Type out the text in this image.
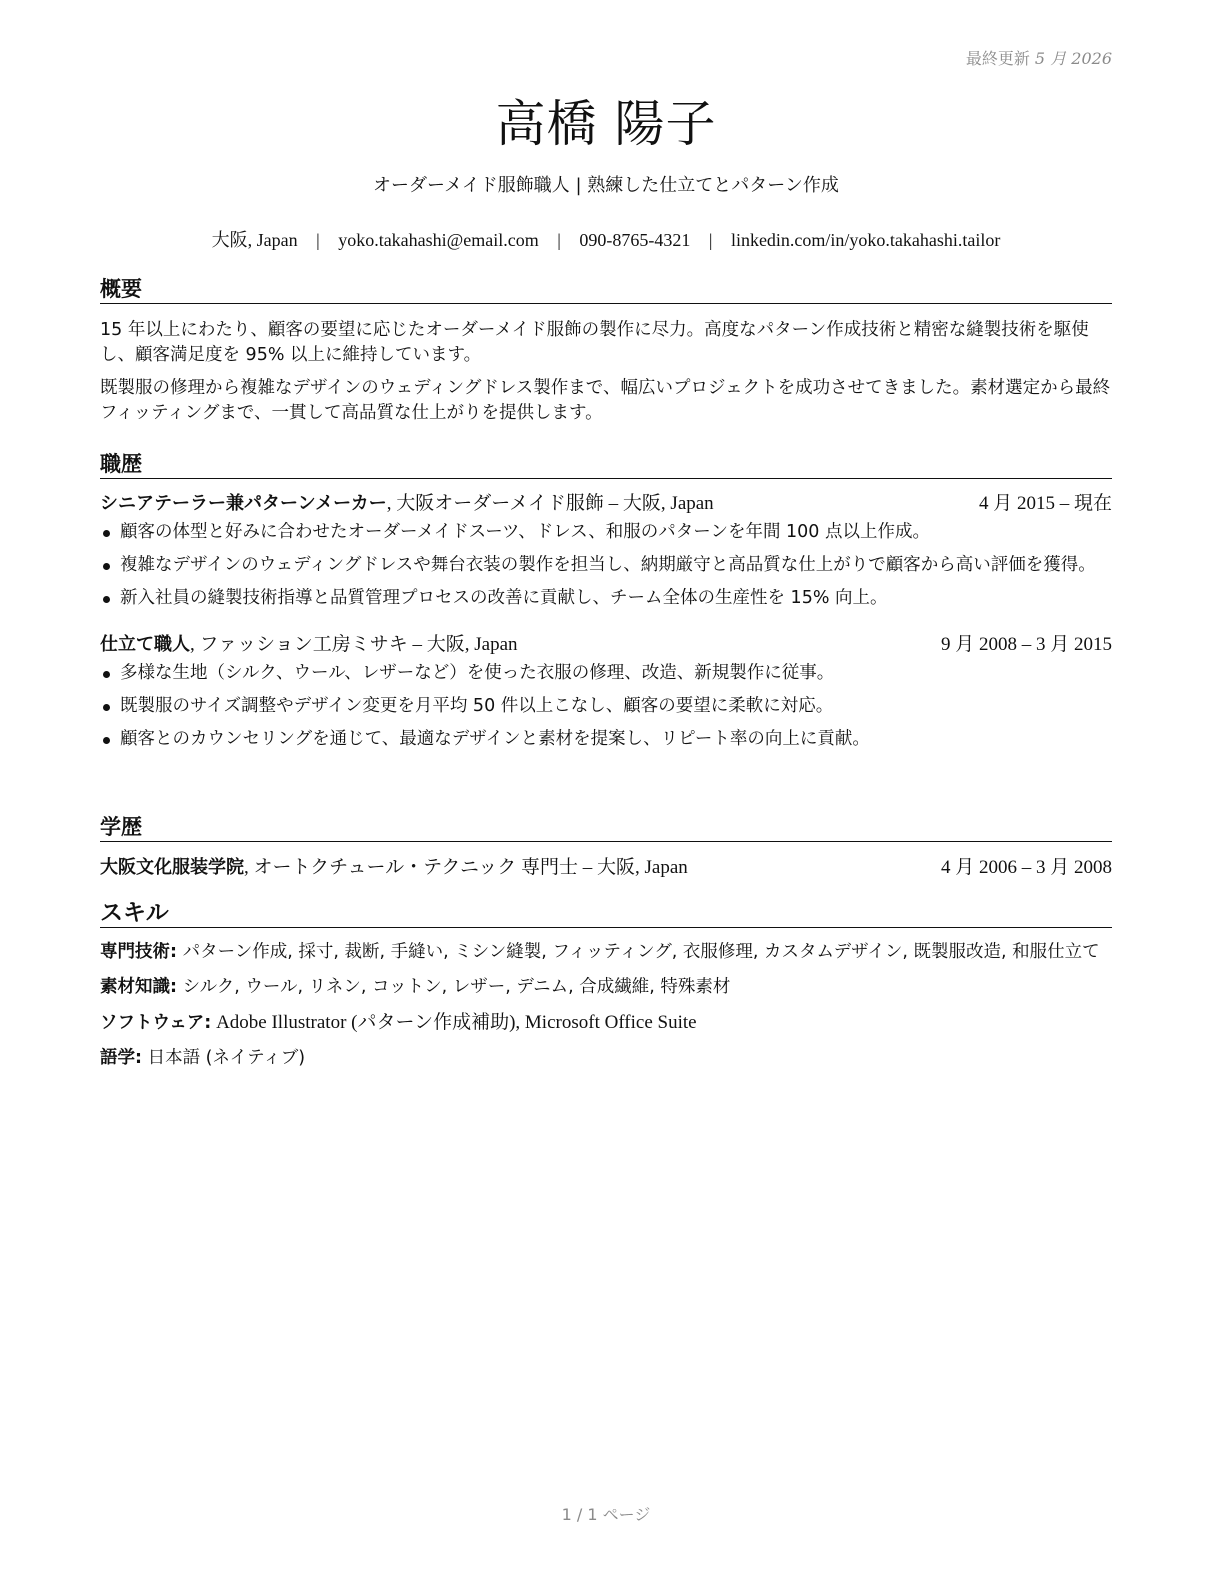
最終更新 5 月 2026
高橋 陽子
オーダーメイド服飾職人 | 熟練した仕立てとパターン作成
大阪, Japan | yoko.takahashi@email.com | 090-8765-4321 | linkedin.com/in/yoko.takahashi.tailor
概要

15 年以上にわたり、顧客の要望に応じたオーダーメイド服飾の製作に尽力。高度なパターン作成技術と精密な縫製技術を駆使し、顧客満足度を 95% 以上に維持しています。

既製服の修理から複雑なデザインのウェディングドレス製作まで、幅広いプロジェクトを成功させてきました。素材選定から最終フィッティングまで、一貫して高品質な仕上がりを提供します。

職歴
シニアテーラー兼パターンメーカー, 大阪オーダーメイド服飾 – 大阪, Japan	4 月 2015 – 現在
顧客の体型と好みに合わせたオーダーメイドスーツ、ドレス、和服のパターンを年間 100 点以上作成。
複雑なデザインのウェディングドレスや舞台衣装の製作を担当し、納期厳守と高品質な仕上がりで顧客から高い評価を獲得。
新入社員の縫製技術指導と品質管理プロセスの改善に貢献し、チーム全体の生産性を 15% 向上。
仕立て職人, ファッション工房ミサキ – 大阪, Japan	9 月 2008 – 3 月 2015
多様な生地（シルク、ウール、レザーなど）を使った衣服の修理、改造、新規製作に従事。
既製服のサイズ調整やデザイン変更を月平均 50 件以上こなし、顧客の要望に柔軟に対応。
顧客とのカウンセリングを通じて、最適なデザインと素材を提案し、リピート率の向上に貢献。
学歴
大阪文化服装学院, オートクチュール・テクニック 専門士 – 大阪, Japan	4 月 2006 – 3 月 2008
スキル

専門技術: パターン作成, 採寸, 裁断, 手縫い, ミシン縫製, フィッティング, 衣服修理, カスタムデザイン, 既製服改造, 和服仕立て

素材知識: シルク, ウール, リネン, コットン, レザー, デニム, 合成繊維, 特殊素材

ソフトウェア: Adobe Illustrator (パターン作成補助), Microsoft Office Suite

語学: 日本語 (ネイティブ)

1 / 1 ページ
